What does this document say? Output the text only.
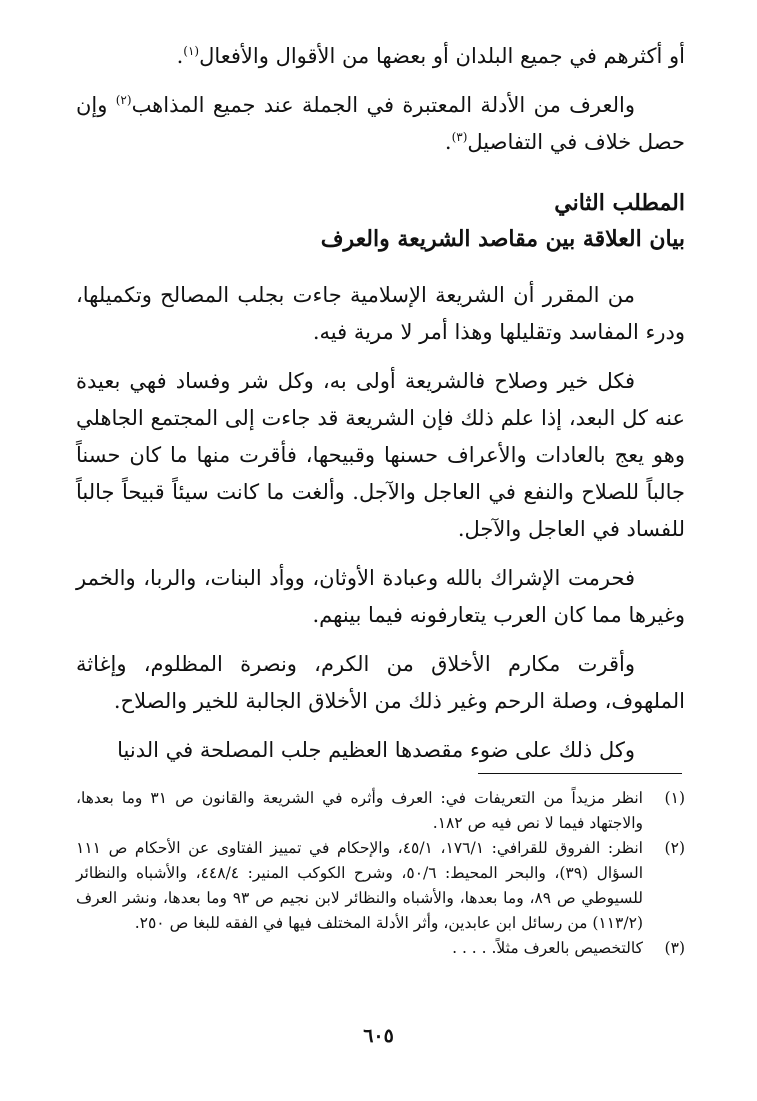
أو أكثرهم في جميع البلدان أو بعضها من الأقوال والأفعال$^{(١)}$.

والعرف من الأدلة المعتبرة في الجملة عند جميع المذاهب$^{(٢)}$ وإن حصل خلاف في التفاصيل$^{(٣)}$.

المطلب الثاني

بيان العلاقة بين مقاصد الشريعة والعرف

من المقرر أن الشريعة الإسلامية جاءت بجلب المصالح وتكميلها، ودرء المفاسد وتقليلها وهذا أمر لا مرية فيه.

فكل خير وصلاح فالشريعة أولى به، وكل شر وفساد فهي بعيدة عنه كل البعد، إذا علم ذلك فإن الشريعة قد جاءت إلى المجتمع الجاهلي وهو يعج بالعادات والأعراف حسنها وقبيحها، فأقرت منها ما كان حسناً جالباً للصلاح والنفع في العاجل والآجل. وألغت ما كانت سيئاً قبيحاً جالباً للفساد في العاجل والآجل.

فحرمت الإشراك بالله وعبادة الأوثان، ووأد البنات، والربا، والخمر وغيرها مما كان العرب يتعارفونه فيما بينهم.

وأقرت مكارم الأخلاق من الكرم، ونصرة المظلوم، وإغاثة الملهوف، وصلة الرحم وغير ذلك من الأخلاق الجالبة للخير والصلاح.

وكل ذلك على ضوء مقصدها العظيم جلب المصلحة في الدنيا

(١)
انظر مزيداً من التعريفات في: العرف وأثره في الشريعة والقانون ص ٣١ وما بعدها، والاجتهاد فيما لا نص فيه ص ١٨٢.

(٢)
انظر: الفروق للقرافي: ١٧٦/١، ٤٥/١، والإحكام في تمييز الفتاوى عن الأحكام ص ١١١ السؤال (٣٩)، والبحر المحيط: ٥٠/٦، وشرح الكوكب المنير: ٤٤٨/٤، والأشباه والنظائر للسيوطي ص ٨٩، وما بعدها، والأشباه والنظائر لابن نجيم ص ٩٣ وما بعدها، ونشر العرف (١١٣/٢) من رسائل ابن عابدين، وأثر الأدلة المختلف فيها في الفقه للبغا ص ٢٥٠.

(٣)
كالتخصيص بالعرف مثلاً. . . . .

٦٠٥
